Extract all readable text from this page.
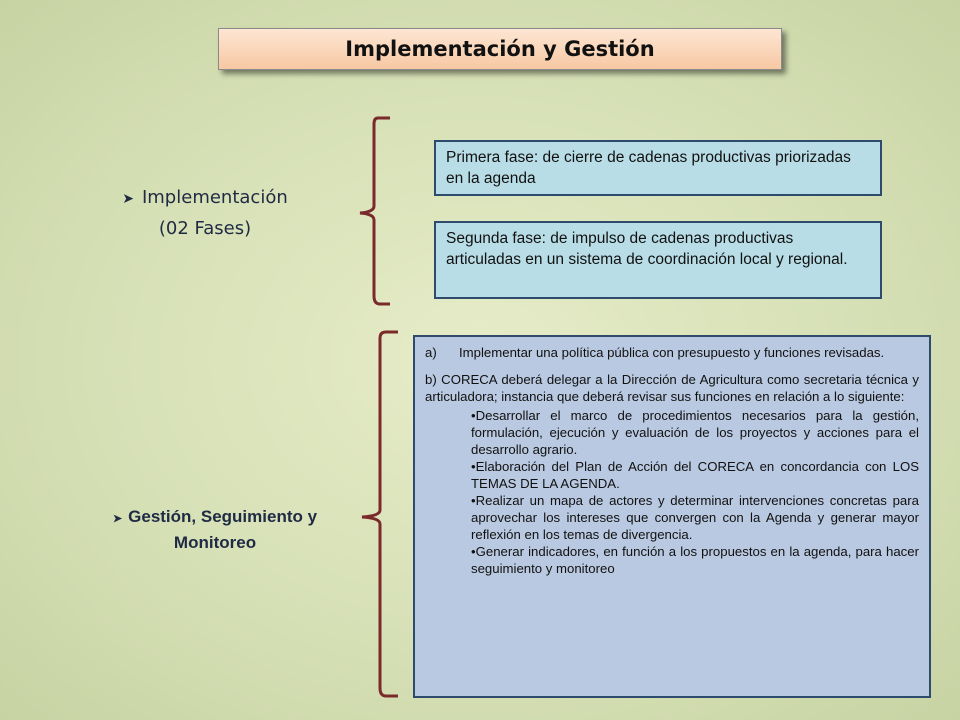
Implementación y Gestión
➤ Implementación
(02 Fases)
Primera fase: de cierre de cadenas productivas priorizadas en la agenda
Segunda fase: de impulso de cadenas productivas articuladas en un sistema de coordinación local y regional.
➤ Gestión, Seguimiento y Monitoreo
a)	Implementar una política pública con presupuesto y funciones revisadas.
b) CORECA deberá delegar a la Dirección de Agricultura como secretaria técnica y articuladora; instancia que deberá revisar sus funciones en relación a lo siguiente:
•Desarrollar el marco de procedimientos necesarios para la gestión, formulación, ejecución y evaluación de los proyectos y acciones para el desarrollo agrario.
•Elaboración del Plan de Acción del CORECA en concordancia con LOS TEMAS DE LA AGENDA.
•Realizar un mapa de actores y determinar intervenciones concretas para aprovechar los intereses que convergen con la Agenda y generar mayor reflexión en los temas de divergencia.
•Generar indicadores, en función a los propuestos en la agenda, para hacer seguimiento y monitoreo
